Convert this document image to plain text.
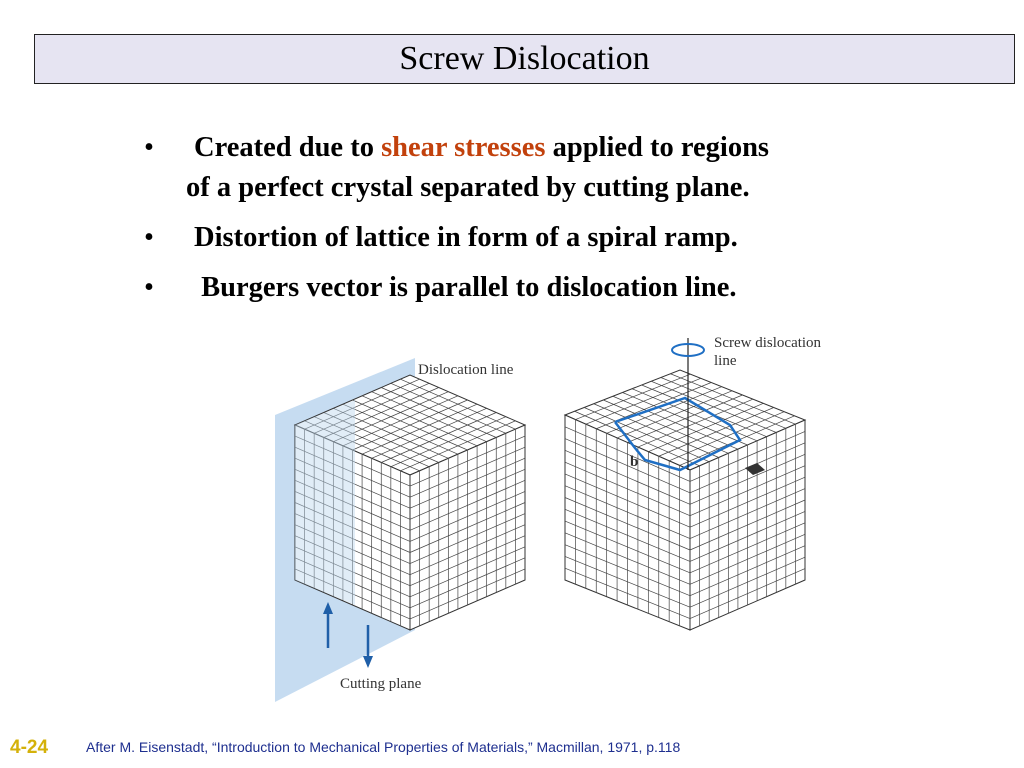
Screw Dislocation
• Created due to shear stresses applied to regions
of a perfect crystal separated by cutting plane.
• Distortion of lattice in form of a spiral ramp.
• Burgers vector is parallel to dislocation line.
Dislocation line
Cutting plane
Screw dislocation
line
b
4-24	After M. Eisenstadt, “Introduction to Mechanical Properties of Materials,” Macmillan, 1971, p.118
